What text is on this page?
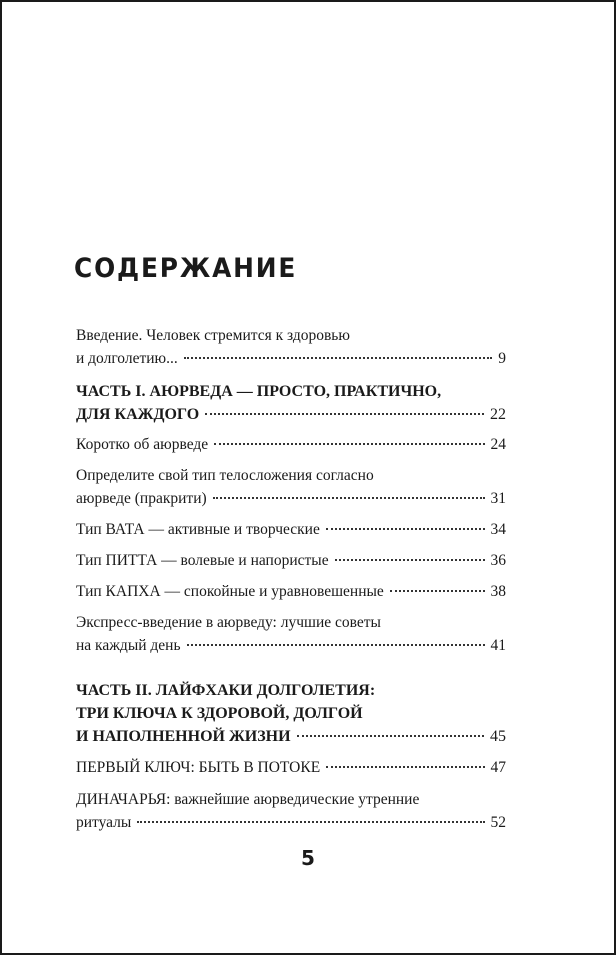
СОДЕРЖАНИЕ
Введение. Человек стремится к здоровью
и долголетию...	9
ЧАСТЬ I. АЮРВЕДА — ПРОСТО, ПРАКТИЧНО,
ДЛЯ КАЖДОГО	22
Коротко об аюрведе	24
Определите свой тип телосложения согласно
аюрведе (пракрити)	31
Тип ВАТА — активные и творческие	34
Тип ПИТТА — волевые и напористые	36
Тип КАПХА — спокойные и уравновешенные	38
Экспресс-введение в аюрведу: лучшие советы
на каждый день	41
ЧАСТЬ II. ЛАЙФХАКИ ДОЛГОЛЕТИЯ:
ТРИ КЛЮЧА К ЗДОРОВОЙ, ДОЛГОЙ
И НАПОЛНЕННОЙ ЖИЗНИ	45
ПЕРВЫЙ КЛЮЧ: БЫТЬ В ПОТОКЕ	47
ДИНАЧАРЬЯ: важнейшие аюрведические утренние
ритуалы	52
5
